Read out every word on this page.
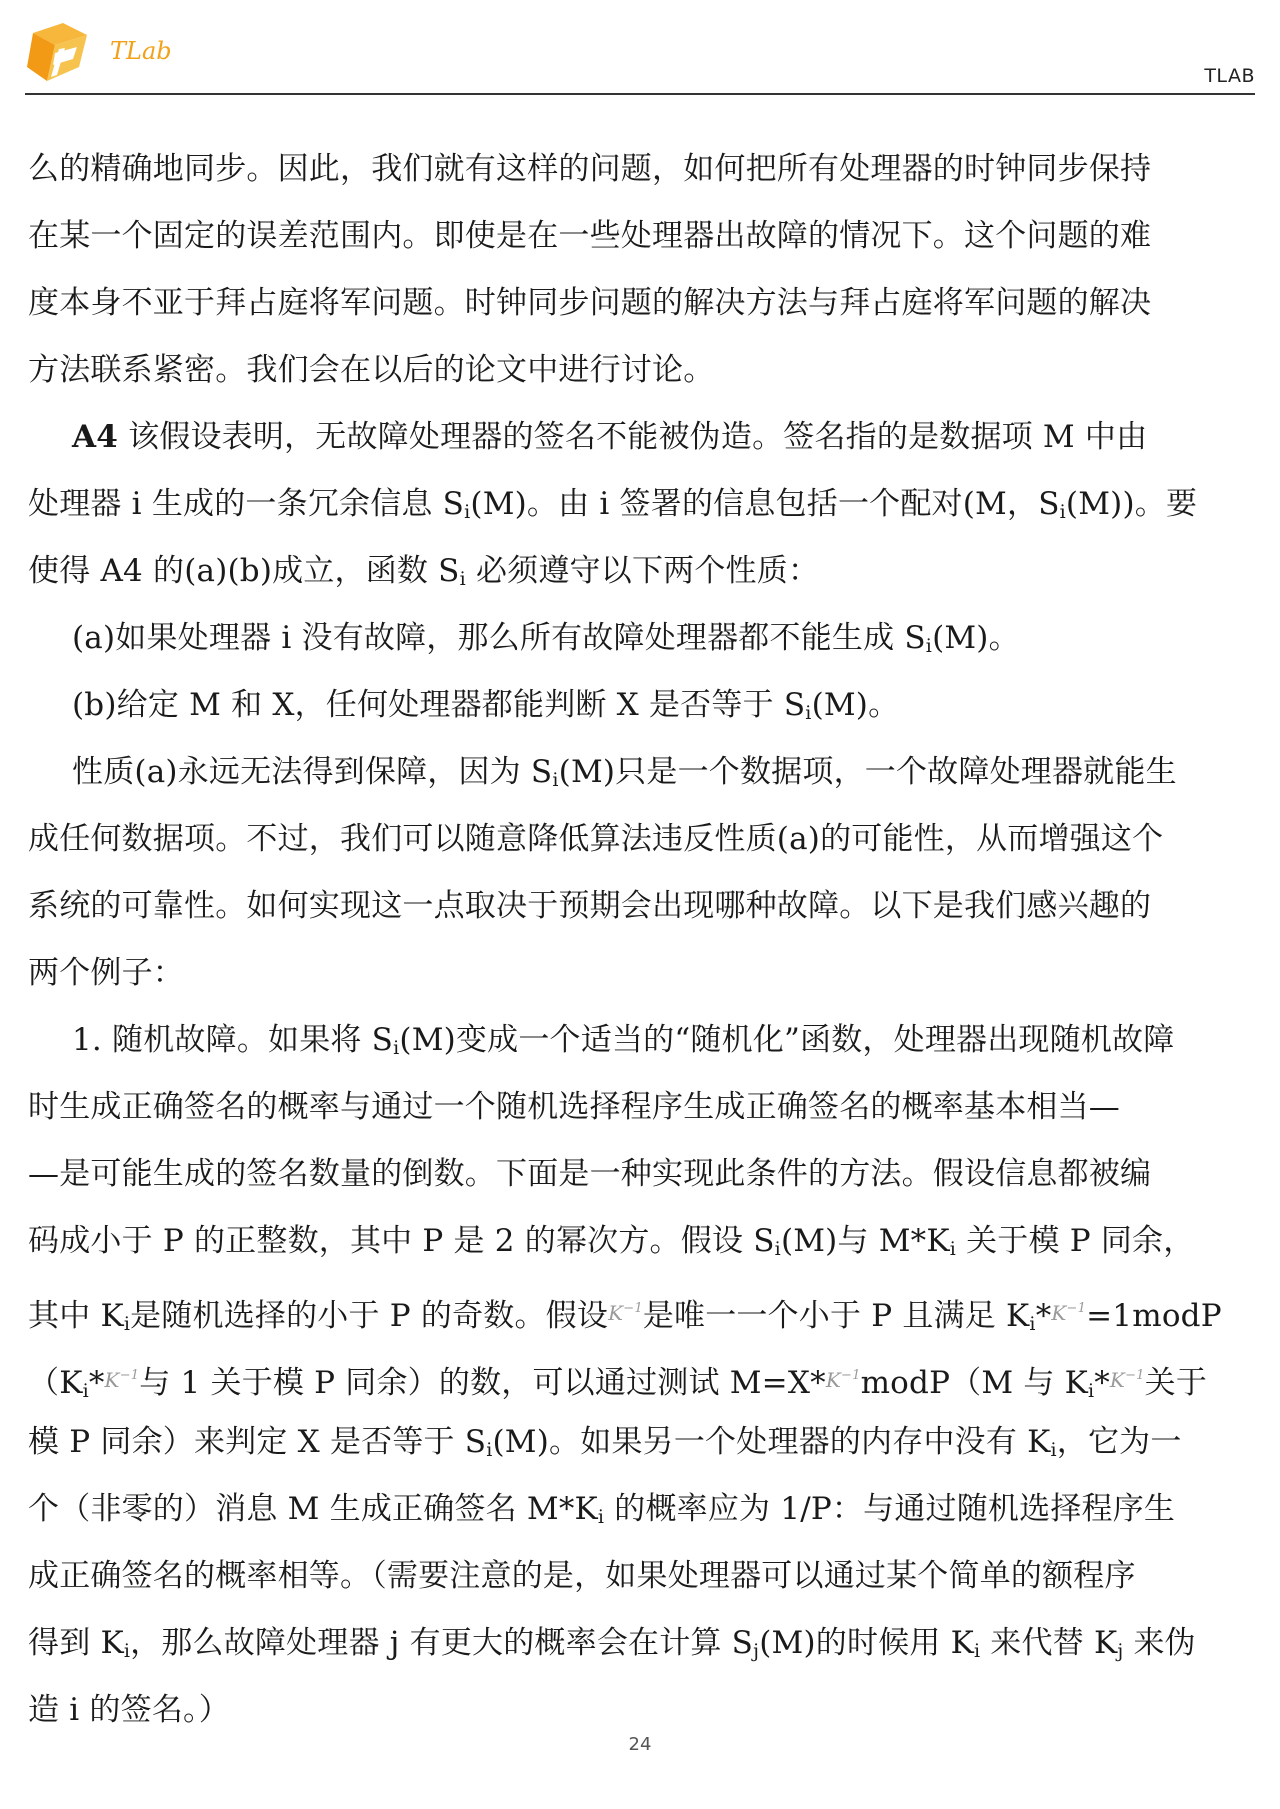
TLab
TLAB
么的精确地同步。因此，我们就有这样的问题，如何把所有处理器的时钟同步保持
在某一个固定的误差范围内。即使是在一些处理器出故障的情况下。这个问题的难
度本身不亚于拜占庭将军问题。时钟同步问题的解决方法与拜占庭将军问题的解决
方法联系紧密。我们会在以后的论文中进行讨论。
A4 该假设表明，无故障处理器的签名不能被伪造。签名指的是数据项 M 中由
处理器 i 生成的一条冗余信息 $S_i(M)$。由 i 签署的信息包括一个配对(M，$S_i(M)$)。要
使得 A4 的(a)(b)成立，函数 $S_i$ 必须遵守以下两个性质：
(a)如果处理器 i 没有故障，那么所有故障处理器都不能生成 $S_i(M)$。
(b)给定 M 和 X，任何处理器都能判断 X 是否等于 $S_i(M)$。
性质(a)永远无法得到保障，因为 $S_i(M)$只是一个数据项，一个故障处理器就能生
成任何数据项。不过，我们可以随意降低算法违反性质(a)的可能性，从而增强这个
系统的可靠性。如何实现这一点取决于预期会出现哪种故障。以下是我们感兴趣的
两个例子：
1. 随机故障。如果将 $S_i(M)$变成一个适当的“随机化”函数，处理器出现随机故障
时生成正确签名的概率与通过一个随机选择程序生成正确签名的概率基本相当—
—是可能生成的签名数量的倒数。下面是一种实现此条件的方法。假设信息都被编
码成小于 P 的正整数，其中 P 是 2 的幂次方。假设 $S_i(M)$与 $M*K_i$ 关于模 P 同余，
其中 $K_i$是随机选择的小于 P 的奇数。假设$K^{-1}$是唯一一个小于 P 且满足 $K_i*K^{-1}=1modP$
（$K_i*K^{-1}$与 1 关于模 P 同余）的数，可以通过测试 $M=X*K^{-1}modP(M$ 与 $K_i*K^{-1}$关于
模 P 同余）来判定 X 是否等于 $S_i(M)$。如果另一个处理器的内存中没有 $K_i$，它为一
个（非零的）消息 M 生成正确签名 $M*K_i$ 的概率应为 1/P：与通过随机选择程序生
成正确签名的概率相等。（需要注意的是，如果处理器可以通过某个简单的额程序
得到 $K_i$，那么故障处理器 j 有更大的概率会在计算 $S_j(M)$的时候用 $K_i$ 来代替 $K_j$ 来伪
造 i 的签名。）
24
